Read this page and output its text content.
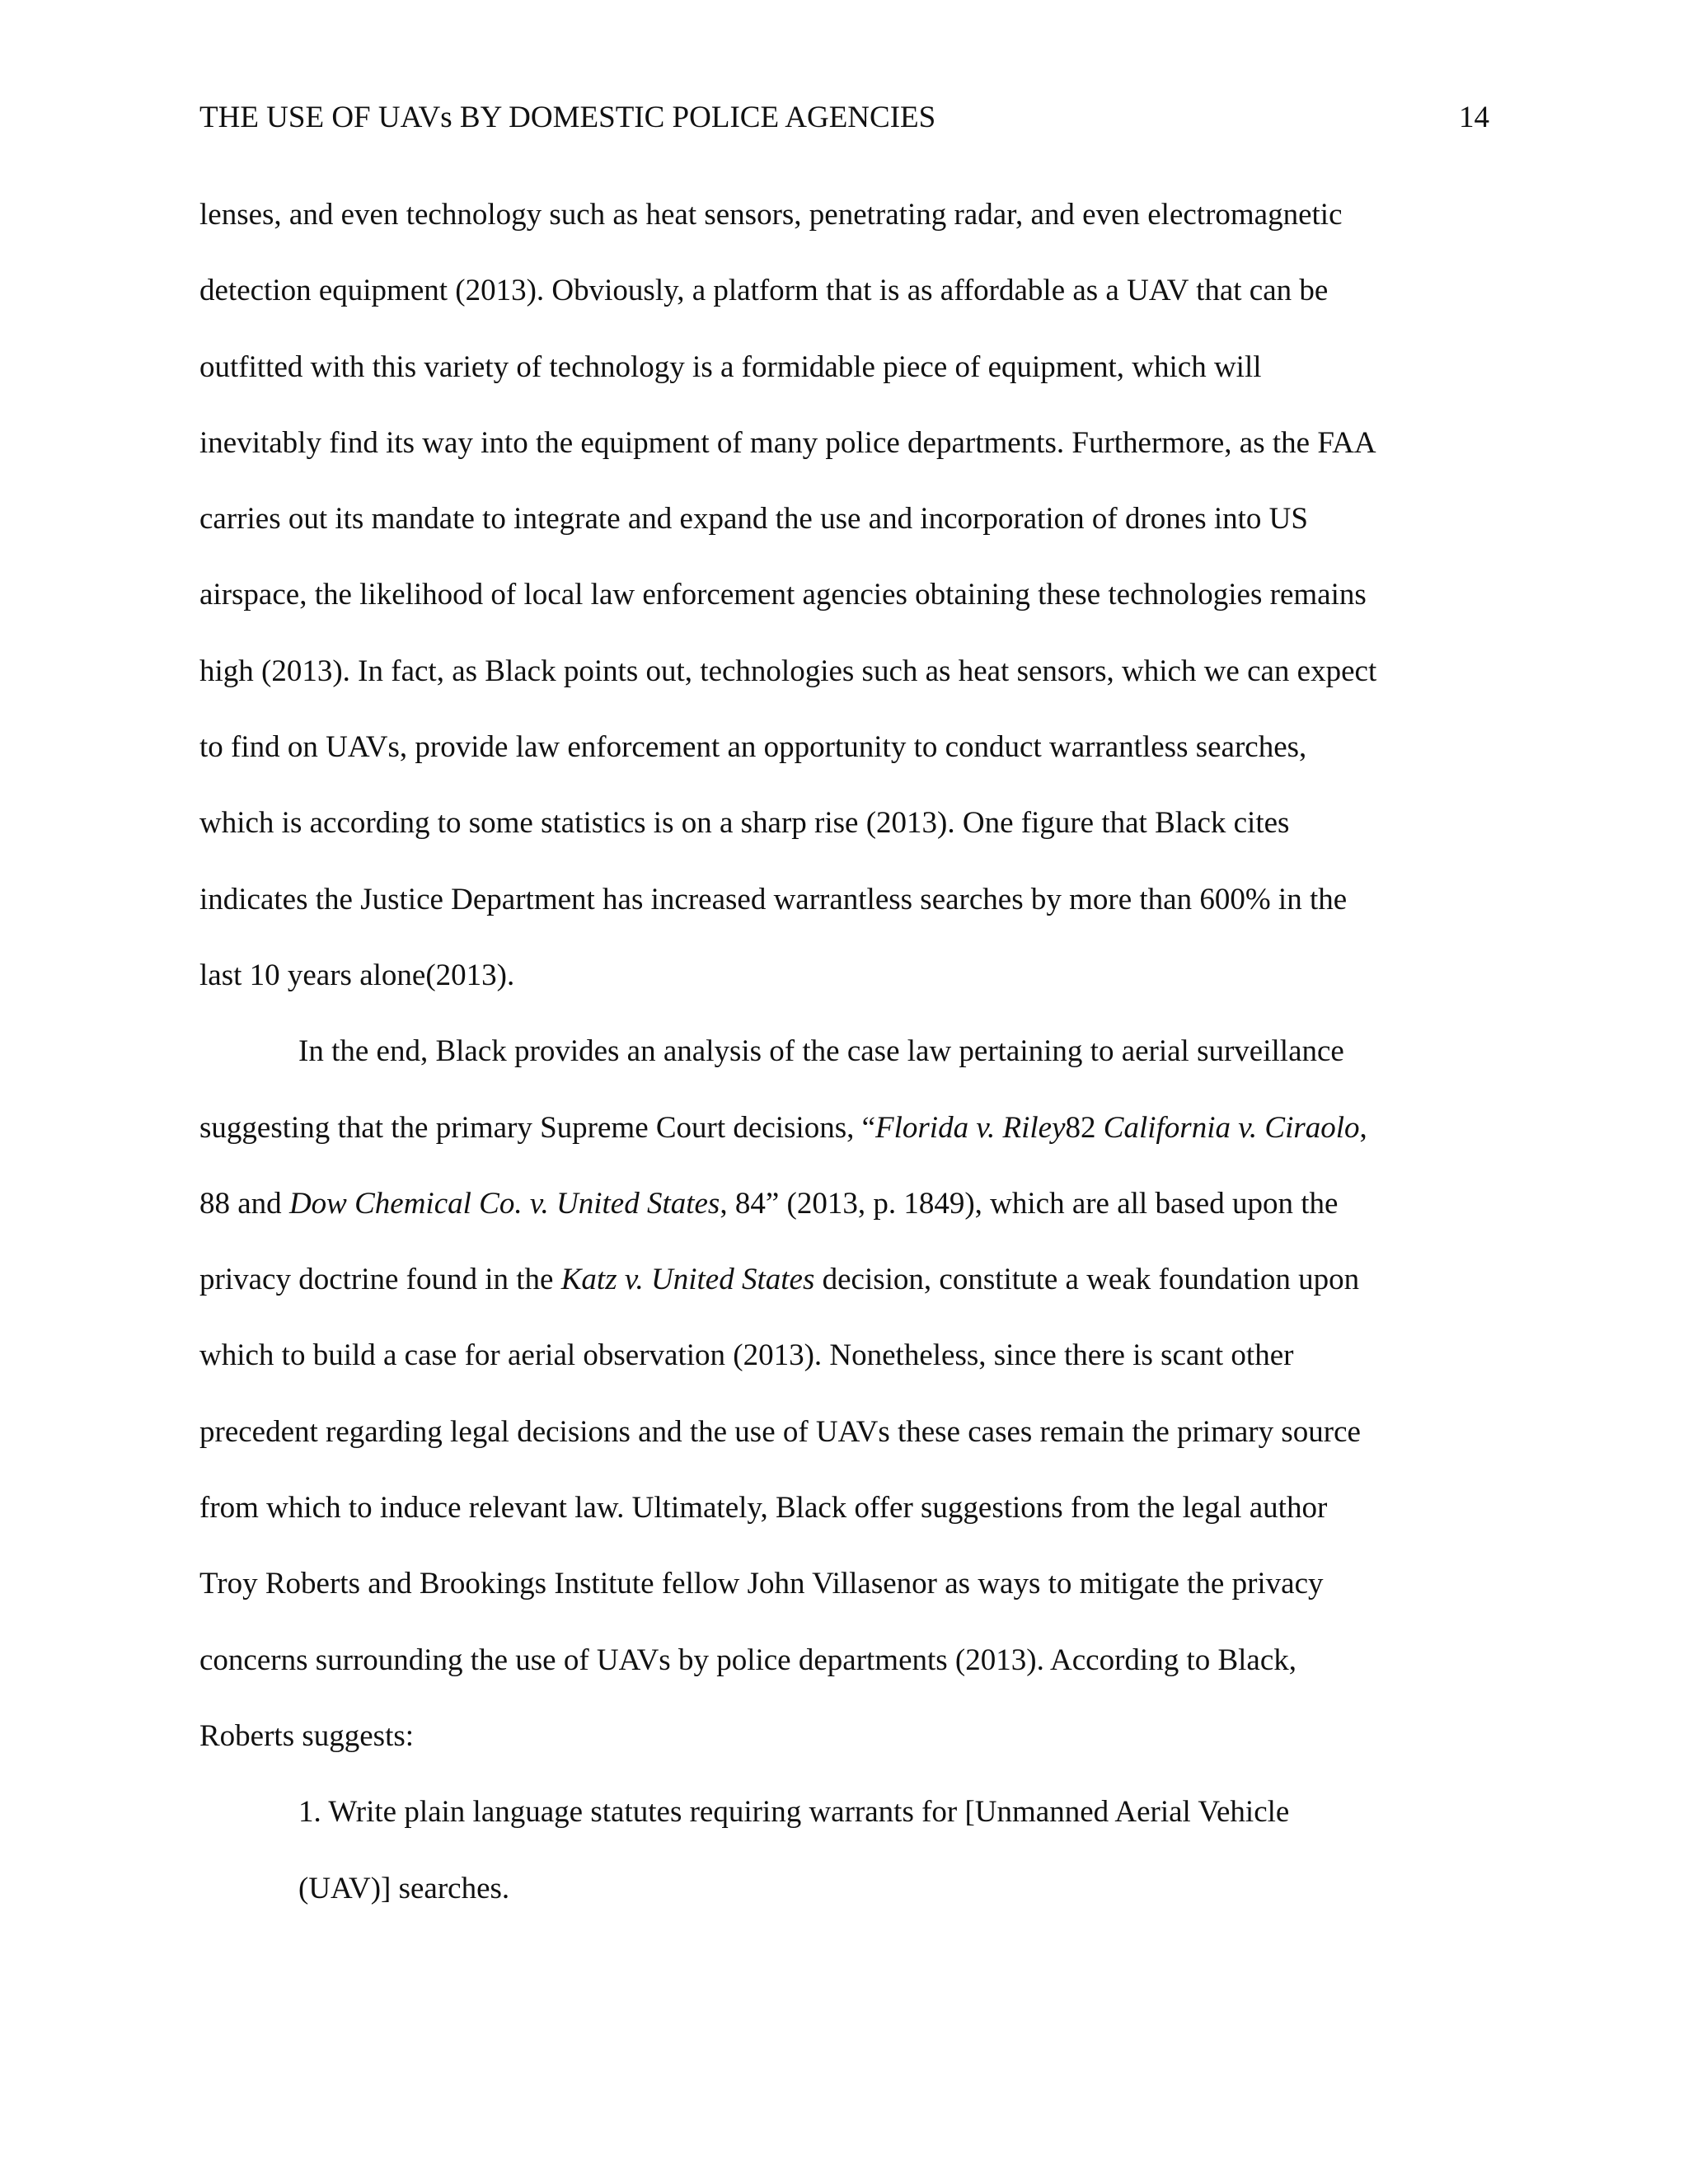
THE USE OF UAVs BY DOMESTIC POLICE AGENCIES	14
lenses, and even technology such as heat sensors, penetrating radar, and even electromagnetic
detection equipment (2013). Obviously, a platform that is as affordable as a UAV that can be
outfitted with this variety of technology is a formidable piece of equipment, which will
inevitably find its way into the equipment of many police departments. Furthermore, as the FAA
carries out its mandate to integrate and expand the use and incorporation of drones into US
airspace, the likelihood of local law enforcement agencies obtaining these technologies remains
high (2013). In fact, as Black points out, technologies such as heat sensors, which we can expect
to find on UAVs, provide law enforcement an opportunity to conduct warrantless searches,
which is according to some statistics is on a sharp rise (2013). One figure that Black cites
indicates the Justice Department has increased warrantless searches by more than 600% in the
last 10 years alone(2013).
In the end, Black provides an analysis of the case law pertaining to aerial surveillance
suggesting that the primary Supreme Court decisions, “Florida v. Riley82 California v. Ciraolo,
88 and Dow Chemical Co. v. United States, 84” (2013, p. 1849), which are all based upon the
privacy doctrine found in the Katz v. United States decision, constitute a weak foundation upon
which to build a case for aerial observation (2013). Nonetheless, since there is scant other
precedent regarding legal decisions and the use of UAVs these cases remain the primary source
from which to induce relevant law. Ultimately, Black offer suggestions from the legal author
Troy Roberts and Brookings Institute fellow John Villasenor as ways to mitigate the privacy
concerns surrounding the use of UAVs by police departments (2013). According to Black,
Roberts suggests:
1. Write plain language statutes requiring warrants for [Unmanned Aerial Vehicle
(UAV)] searches.
